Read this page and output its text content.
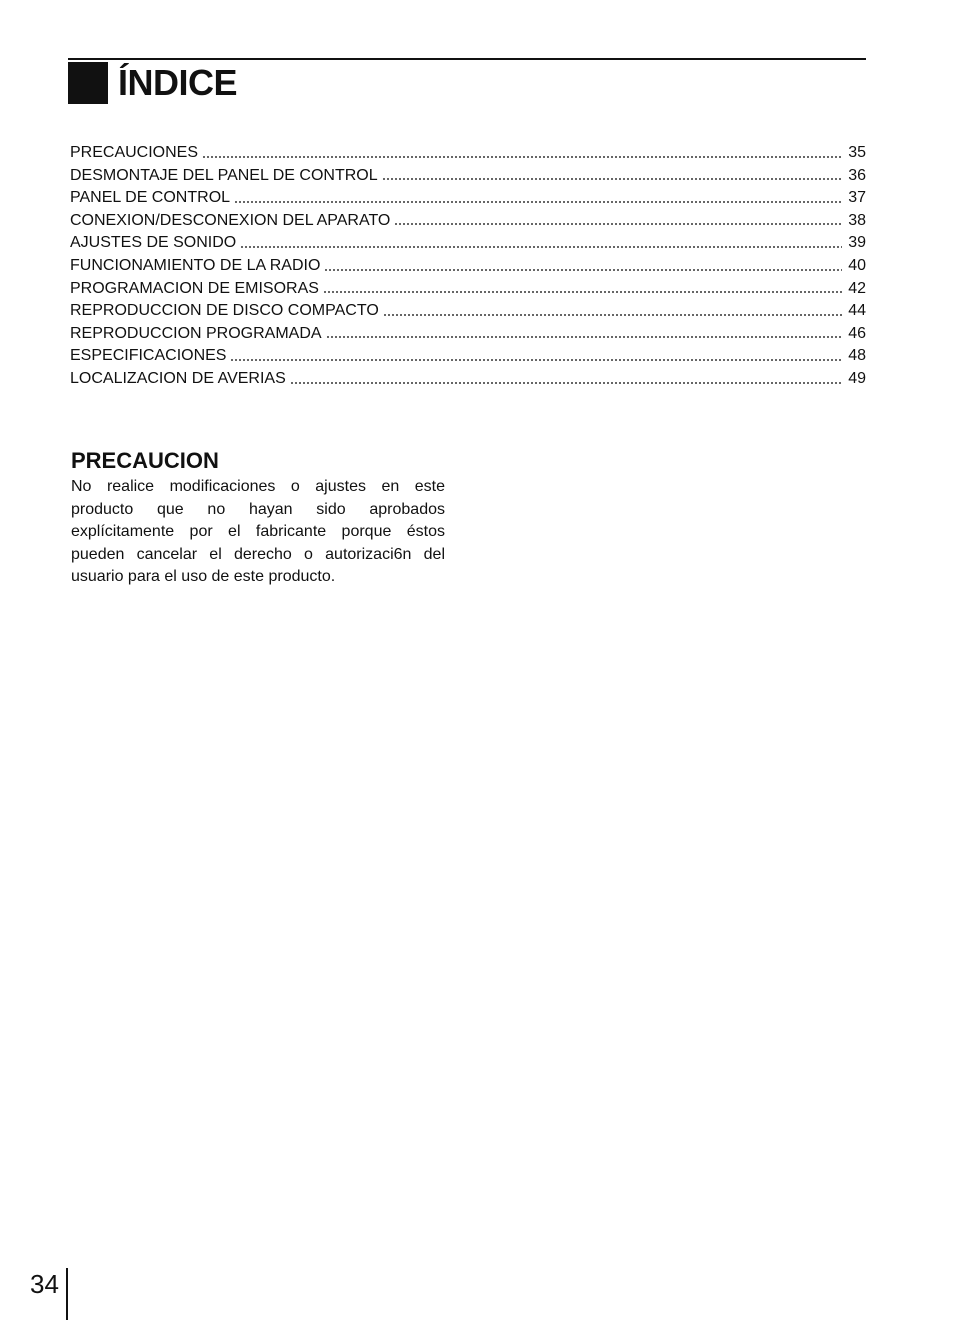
ÍNDICE
PRECAUCIONES	35
DESMONTAJE DEL PANEL DE CONTROL	36
PANEL DE CONTROL	37
CONEXION/DESCONEXION DEL APARATO	38
AJUSTES DE SONIDO	39
FUNCIONAMIENTO DE LA RADIO	40
PROGRAMACION DE EMISORAS	42
REPRODUCCION DE DISCO COMPACTO	44
REPRODUCCION PROGRAMADA	46
ESPECIFICACIONES	48
LOCALIZACION DE AVERIAS	49
PRECAUCION
No realice modificaciones o ajustes en este producto que no hayan sido aprobados explícitamente por el fabricante porque éstos pueden cancelar el derecho o autorizaci6n del usuario para el uso de este producto.
34
